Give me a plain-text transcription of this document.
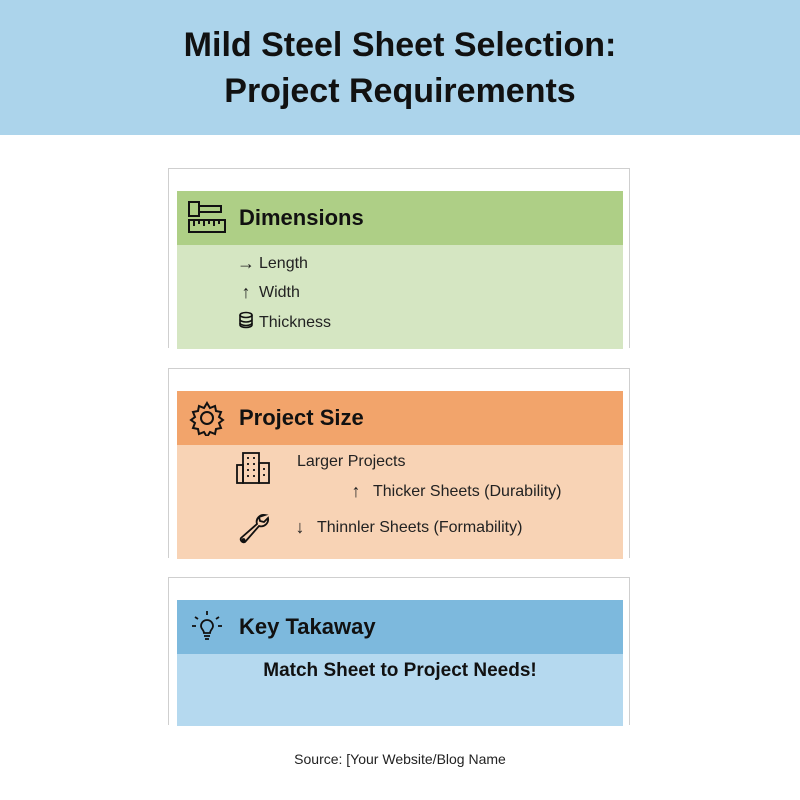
Mild Steel Sheet Selection:
Project Requirements
Dimensions
→ Length
↑ Width
Thickness
Project Size
Larger Projects
↑ Thicker Sheets (Durability)
↓ Thinnler Sheets (Formability)
Key Takaway
Match Sheet to Project Needs!
Source: [Your Website/Blog Name
